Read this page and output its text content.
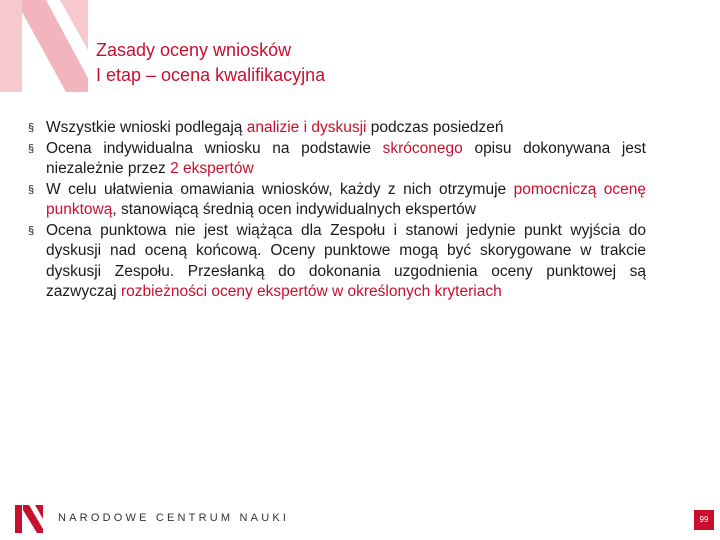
Zasady oceny wniosków
I etap – ocena kwalifikacyjna
§ Wszystkie wnioski podlegają analizie i dyskusji podczas posiedzeń
§ Ocena indywidualna wniosku na podstawie skróconego opisu dokonywana jest niezależnie przez 2 ekspertów
§ W celu ułatwienia omawiania wniosków, każdy z nich otrzymuje pomocniczą ocenę punktową, stanowiącą średnią ocen indywidualnych ekspertów
§ Ocena punktowa nie jest wiążąca dla Zespołu i stanowi jedynie punkt wyjścia do dyskusji nad oceną końcową. Oceny punktowe mogą być skorygowane w trakcie dyskusji Zespołu. Przesłanką do dokonania uzgodnienia oceny punktowej są zazwyczaj rozbieżności oceny ekspertów w określonych kryteriach
NARODOWE CENTRUM NAUKI	99
